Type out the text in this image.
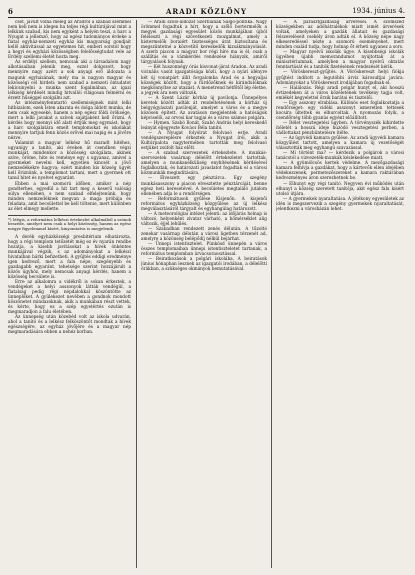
6	ARADI KÖZLÖNY	1934. június 4.

csét, javult volna meleg az Aradról a szabad szemmel nem kell nem is idegen ha teljes régi kultúrájával mint a lelkünk szabad, kis nem egyként a helyén teszi, a harc a Nyugat a jellemző, hogy az egész tudományos érdeke a fiatal egyház-nemzeti egyház kis magyarság gondjait kellő aktivitással az egyetemes hit, emberi sorstól hogy a hegyi és egyházi közösségben felelősségtudat vele az Erdély szellemi életét hozta meg.

Az erdélyi szellem, nemcsak aki a társadalom nagy alkotásaiban jelenik meg, ezzel dolgozott, hogy mennyire nagy azért a sok anyagi erő áldozata a magunk egyházának, mely ma is nagyon magyar és közösségi cél hirdeti: nem szabad a nemzeti öntudatot lekicsinyelni a munka szent fogalmában, az igazi lelkiség kérdését mindig hitvallói világosan felmérni és érzett hűséggel szolgálni azt.

Az intézményfenntartó szellemiségnek mint lelki hitbizalom, ezek Isten akarata és dolga áldott munka, de nem csak egyeseké, hanem a nép egész földi öröksége, mert a lelki javakat a szívek sajátjaként kell őrizni. A kérdés hogy mennyi idő alatt értjük meg egymást, hogy a harc szolgálatára emelt templomokat és iskolákat mennyire tartjuk fenn közös erővel mai napig és a jövőre nézve.

Valamint a magyar lelkész hű maradt hitéhez, ugyanígy a tanító, aki éveken át csendben végzi munkáját, mindenkor a közösség szolgálata, akinek szíve, öröme, hite és reménye egy s ugyanaz, amivel a gyermeket nevelni kell, egyetlen kincsét a jövő nemzedékekre hagyva; ezért minden kis község ügyét kell őriznünk, a templomot tartani, mert a gyermek ott tanul hitet és nyelvet egyaránt.

Ebben a mai szomorú időben, amikor a nép gondterhes, egyedül a hit tart meg a keserű valóság súlya ellenében, s nem szabad elfelejtenünk, hogy minden nemzedéknek megvan a maga próbája és feladata, amit becsülettel be kell töltenie, mert különben az élet elmegy mellette.

*) Mégis, a református lelkészi értekezlet alkalmából a szónok beszéde, amelyet nem csak a helyi közönség, hanem az egész megye figyelemmel kísért, kinyomtatva is megjelenik.

A derék egyházközségi presbitérium elhatározta, hogy a régi templom tetőzetét még ez év nyarán rendbe hozatja, a kisebb javításokat a hívek önkéntes munkájával végzik, s az adományokat a lelkészi hivatalban bárki befizetheti. A gyűjtés eddigi eredménye igen kedvező, mert a falu népe, szegényebb és gazdagabb egyaránt, tehetsége szerint hozzájárult a közös ügyhöz, mely nemcsak anyagi kérdés, hanem a közösség becsülete is.

Erre az alkalomra a vidékről is sokan érkeztek, a vendégeket a helyi asszonyok látták vendégül, a fiatalság pedig régi népdalokkal köszöntötte az ünneplőket. A gyülekezet nevében a gondnok mondott köszönetet mindazoknak, akik a munkában részt vettek, és kérte, hogy ez a szép egyetértés ezután is megmaradjon a falu életében.

Az ünnepség után közebéd volt az iskola udvarán, ahol a tanító és a lelkész felköszöntőt mondtak a hívek egészségére, az egyház jövőjére és a magyar nép megmaradására ebben a nehéz korban.

— Aradi szőlő-áldozat Szerbiának Salgó-politika. Nagy örömmel fogadtuk a hírt, hogy a szőlő bortermelők a megyei gazdasági egyesület közös munkájában újból feléleszti a régi szövetkezeti mozgalmat, amely a kistermelők boraiért tisztességes árat biztosítana és megszüntetné a közvetítő kereskedők kizsákmányolását. A szerb piacon a magyar bor régi híre ma is él, csak a szállítás és a vámkérdés rendezése hiányzik, amiről tárgyalások folynak.

— Két huszonnégy órás kisvonat-járat Aradon. Az aradi vicinális vasút igazgatósága közli, hogy a nyári idényre két új vonatpárt állít forgalomba Arad és a hegyaljai községek között, hogy a fürdőzőknek és kirándulóknak megkönnyítse az utazást. A menetrend hétfőtől lép életbe, a jegyek ára nem változik.

— A Szent Lázár kórház új pavilonja. Ünnepélyes keretek között adták át rendeltetésének a kórház új belgyógyászati pavilonját, amelyet a város és a megye közösen épített. Az avatáson megjelentek a hatóságok képviselői, az orvosi kar tagjai és a város számos polgára.

— Hymen. Szabó Ilonát, Szabó András helyi kereskedő leányát eljegyezte Kovács Béla tanító.

— A Nyugat folyóirat felolvasó estje. Aradi vendégszereplésre érkeztek a Nyugat írói, akik a Kultúrpalota nagytermében tartották meg felolvasó estjüket zsúfolt ház előtt.

— A szabad szervezetek értekezlete. A munkás-szervezetek vasárnap délelőtt értekezletet tartottak, amelyen a munkanélküliség enyhítésének kérdésével foglalkoztak, és határozati javaslatot fogadtak el a városi közmunkák megindítására.

— Elveszett egy pénztárca. Egy szegény munkásasszony a piacon elvesztette pénztárcáját, benne egész heti keresetével. A becsületes megtaláló jutalom ellenében adja le a rendőrségen.

— Reformátusok gyűlése Kisjenőn. A kisjenői református egyházközség közgyűlése az új lelkész megválasztásáról tárgyalt és egyhangúlag határozott.

— A meteorológiai intézet jelenti: az időjárás holnap is változó, helyenként zivatar várható, a hőmérséklet alig változik, éjjel lehűlés.

— Szabadban rendezett zenés délután. A tűzoltó zenekar vasárnap délután a városi ligetben térzenét ad, amelyre a közönség belépődíj nélkül bejárhat.

— Ünnepi istentisztelet. Pünkösd ünnepén a város összes templomaiban ünnepi istentiszteletet tartanak, a református templomban úrvacsoraosztással.

— Beiratkozások a polgári iskolába. A beiratások június hónapban lesznek az igazgatói irodában, a délelőtti órákban, a szükséges okmányok bemutatásával.

— A parasztgazdaság árverései. A szomszéd községekben az adóhátralékok miatt ismét árverések voltak, amelyeken a gazdák állatait és gazdasági felszereléseit csekély áron adták el. A község népe nagy elkeseredéssel nézte a szomorú eseményeket, mert minden család tudja, hogy holnap őt érheti ugyanez a sors.

— Magyar nyelvű iskolák ügye. A kisebbségi iskolák ügyében újabb memorandumot nyújtottak át a minisztériumnak, amelyben a magyar nyelvű oktatás fenntartását és a tanítók fizetésének rendezését kérik.

— Vöröskereszt-gyűjtés. A Vöröskereszt helyi fiókja gyűjtést indított a legutóbbi árvíz károsultjai javára. Adományokat a Vöröskereszt irodájában fogadnak el.

— Halálozás. Régi aradi polgár hunyt el, aki hosszú évtizedeken át a város közéletének tevékeny tagja volt, emlékét kegyelettel őrzik barátai és tisztelői.

— Egy asszony elrablása. Különös eset foglalkoztatja a rendőrséget: egy vidéki asszonyt ismeretlen tettesek kocsira ültettek és elhurcoltak. A nyomozás folyik, a csendőrség több gyanús egyént előállított.

— Ítélet vesztegetési ügyben. A törvényszék kihirdette ítéletét a hosszú ideje húzódó vesztegetési perben, a vádlottakat pénzbüntetésre ítélte.

— Az ügyvédi kamara gyűlése. Az aradi ügyvédi kamara közgyűlést tartott, amelyen a kamara új vezetőségét választották meg egyhangú szavazással.

— Mi történt ma? — kérdezik a polgárok a városi tanácstól a vízvezeték-munkák késlekedése miatt.

— A gyümölcsös kertek védelme. A mezőgazdasági kamara felhívja a gazdákat, hogy a kártevők ellen idejében védekezzenek, permetezőszereket a kamara raktárában kedvezményes áron szerezhetnek be.

— Elhunyt egy régi tanító. Negyven évi működés után elhunyt a község szeretett tanítója, akit egész falu kísért utolsó útjára.

— A gyermekek nyaraltatása. A jótékony egyesületek az idén is megszervezik a szegény gyermekek nyaraltatását, jelentkezni a városházán lehet.
